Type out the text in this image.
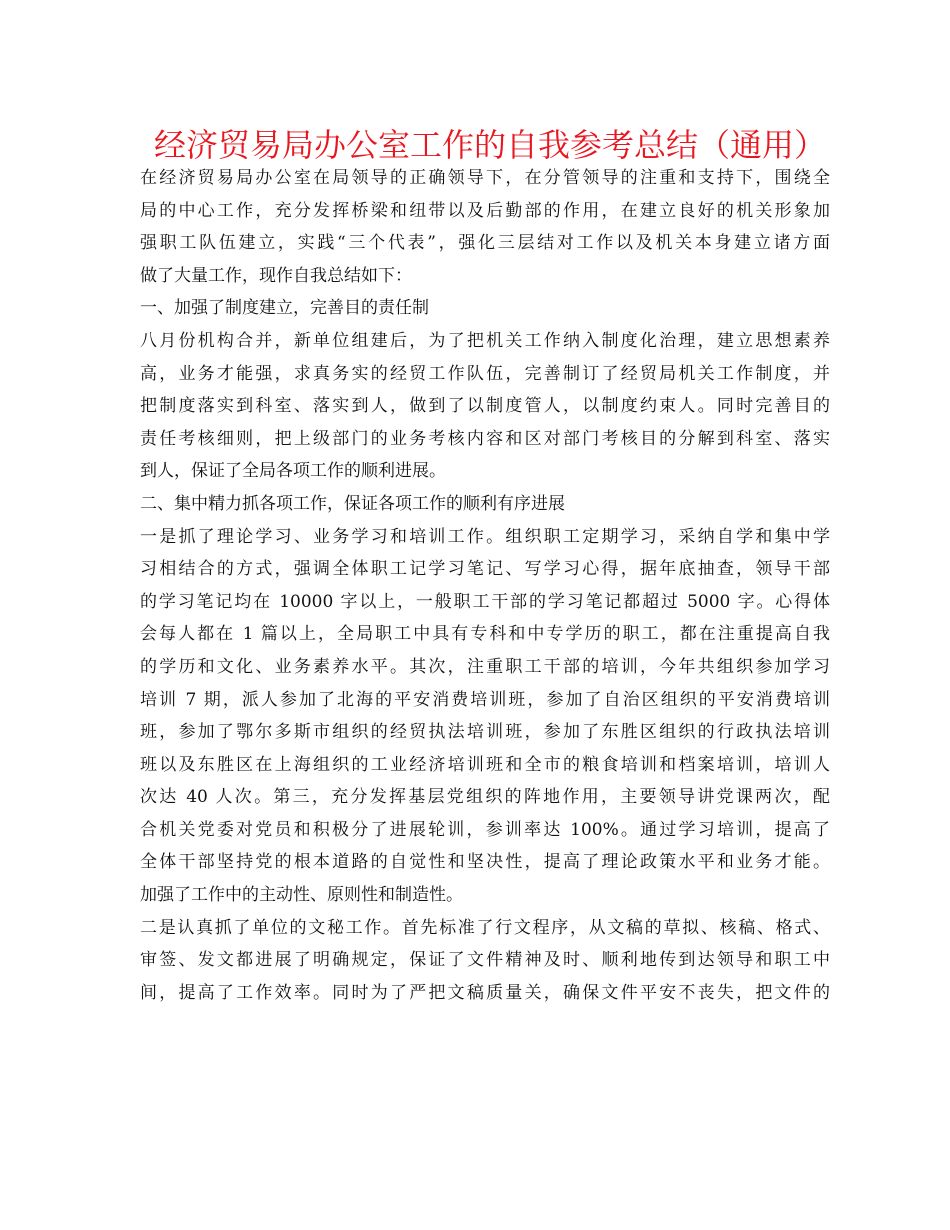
经济贸易局办公室工作的自我参考总结（通用）
在经济贸易局办公室在局领导的正确领导下，在分管领导的注重和支持下，围绕全
局的中心工作，充分发挥桥梁和纽带以及后勤部的作用，在建立良好的机关形象加
强职工队伍建立，实践“三个代表”，强化三层结对工作以及机关本身建立诸方面
做了大量工作，现作自我总结如下：
一、加强了制度建立，完善目的责任制
八月份机构合并，新单位组建后，为了把机关工作纳入制度化治理，建立思想素养
高，业务才能强，求真务实的经贸工作队伍，完善制订了经贸局机关工作制度，并
把制度落实到科室、落实到人，做到了以制度管人，以制度约束人。同时完善目的
责任考核细则，把上级部门的业务考核内容和区对部门考核目的分解到科室、落实
到人，保证了全局各项工作的顺利进展。
二、集中精力抓各项工作，保证各项工作的顺利有序进展
一是抓了理论学习、业务学习和培训工作。组织职工定期学习，采纳自学和集中学
习相结合的方式，强调全体职工记学习笔记、写学习心得，据年底抽查，领导干部
的学习笔记均在 10000 字以上，一般职工干部的学习笔记都超过 5000 字。心得体
会每人都在 1 篇以上，全局职工中具有专科和中专学历的职工，都在注重提高自我
的学历和文化、业务素养水平。其次，注重职工干部的培训，今年共组织参加学习
培训 7 期，派人参加了北海的平安消费培训班，参加了自治区组织的平安消费培训
班，参加了鄂尔多斯市组织的经贸执法培训班，参加了东胜区组织的行政执法培训
班以及东胜区在上海组织的工业经济培训班和全市的粮食培训和档案培训，培训人
次达 40 人次。第三，充分发挥基层党组织的阵地作用，主要领导讲党课两次，配
合机关党委对党员和积极分了进展轮训，参训率达 100%。通过学习培训，提高了
全体干部坚持党的根本道路的自觉性和坚决性，提高了理论政策水平和业务才能。
加强了工作中的主动性、原则性和制造性。
二是认真抓了单位的文秘工作。首先标准了行文程序，从文稿的草拟、核稿、格式、
审签、发文都进展了明确规定，保证了文件精神及时、顺利地传到达领导和职工中
间，提高了工作效率。同时为了严把文稿质量关，确保文件平安不丧失，把文件的
